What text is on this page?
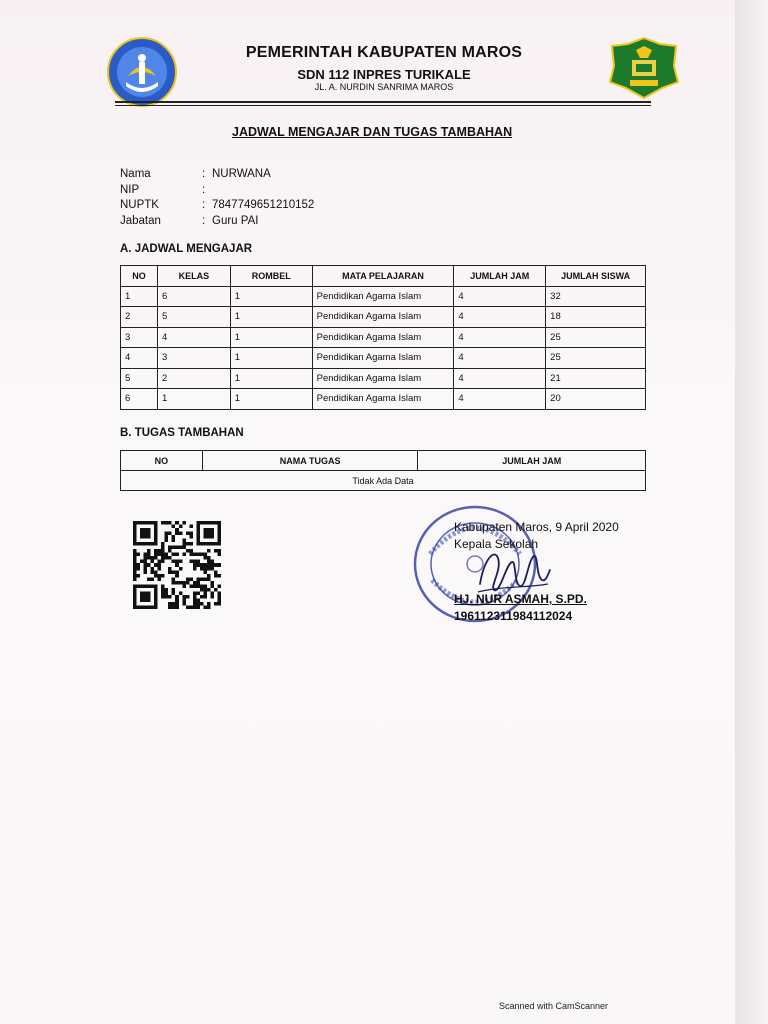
PEMERINTAH KABUPATEN MAROS
SDN 112 INPRES TURIKALE
JL. A. NURDIN SANRIMA MAROS
JADWAL MENGAJAR DAN TUGAS TAMBAHAN
Nama	: NURWANA
NIP	:
NUPTK	: 7847749651210152
Jabatan	: Guru PAI
A. JADWAL MENGAJAR
NO	KELAS	ROMBEL	MATA PELAJARAN	JUMLAH JAM	JUMLAH SISWA
1	6	1	Pendidikan Agama Islam	4	32
2	5	1	Pendidikan Agama Islam	4	18
3	4	1	Pendidikan Agama Islam	4	25
4	3	1	Pendidikan Agama Islam	4	25
5	2	1	Pendidikan Agama Islam	4	21
6	1	1	Pendidikan Agama Islam	4	20
B. TUGAS TAMBAHAN
NO	NAMA TUGAS	JUMLAH JAM
Tidak Ada Data
Kabupaten Maros, 9 April 2020
Kepala Sekolah
HJ. NUR ASMAH, S.PD.
196112311984112024
Scanned with CamScanner
